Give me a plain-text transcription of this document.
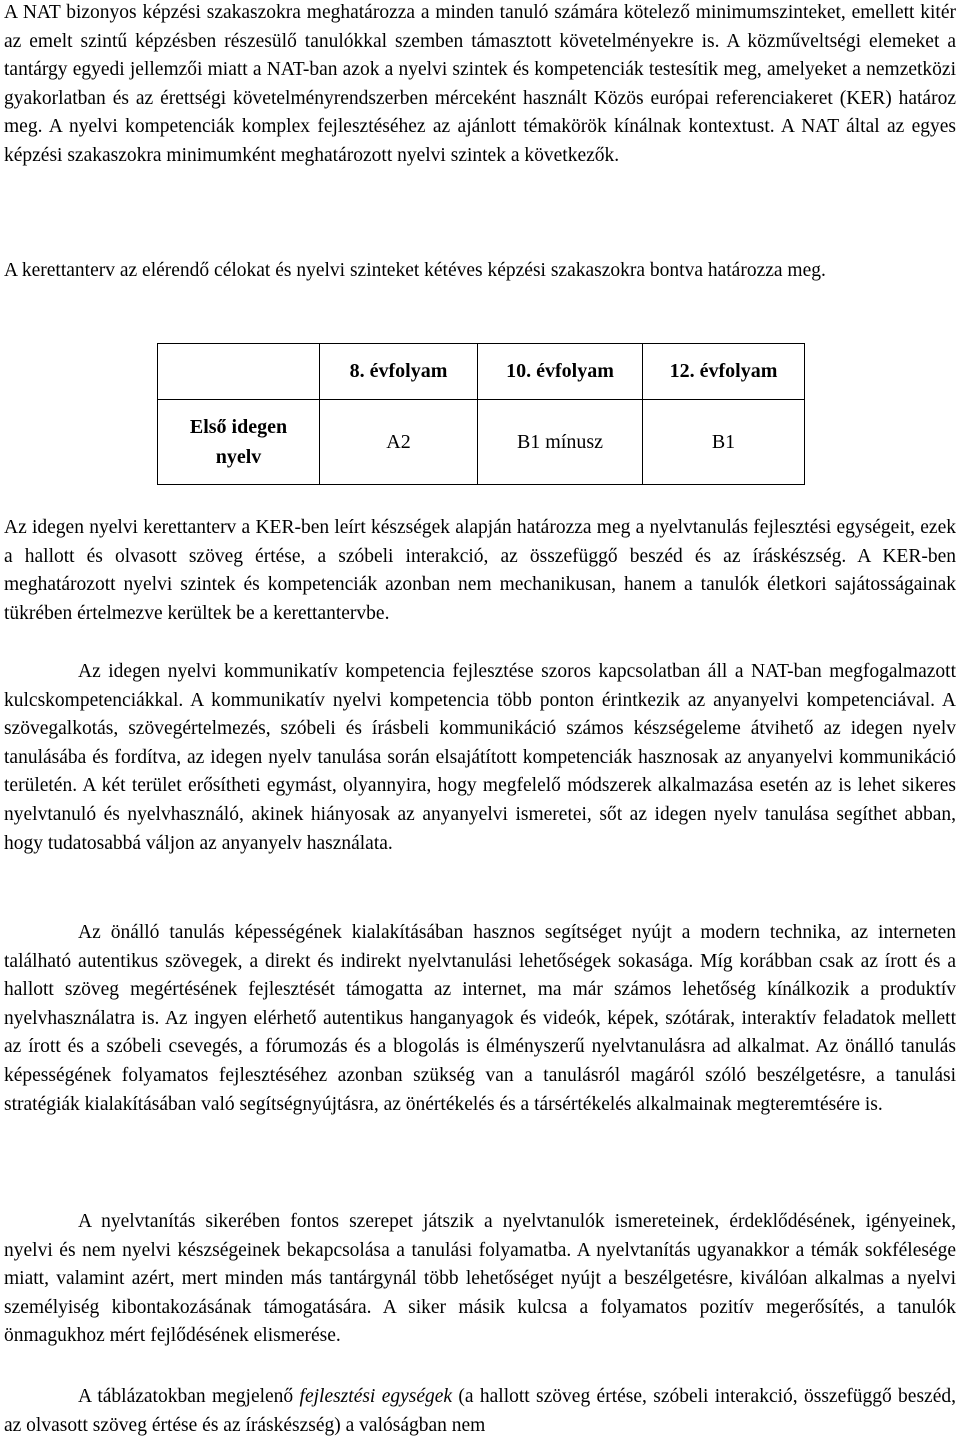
A NAT bizonyos képzési szakaszokra meghatározza a minden tanuló számára kötelező minimumszinteket, emellett kitér az emelt szintű képzésben részesülő tanulókkal szemben támasztott követelményekre is. A közműveltségi elemeket a tantárgy egyedi jellemzői miatt a NAT-ban azok a nyelvi szintek és kompetenciák testesítik meg, amelyeket a nemzetközi gyakorlatban és az érettségi követelményrendszerben mérceként használt Közös európai referenciakeret (KER) határoz meg. A nyelvi kompetenciák komplex fejlesztéséhez az ajánlott témakörök kínálnak kontextust. A NAT által az egyes képzési szakaszokra minimumként meghatározott nyelvi szintek a következők.

A kerettanterv az elérendő célokat és nyelvi szinteket kétéves képzési szakaszokra bontva határozza meg.

	8. évfolyam	10. évfolyam	12. évfolyam
Első idegen
nyelv	A2	B1 mínusz	B1

Az idegen nyelvi kerettanterv a KER-ben leírt készségek alapján határozza meg a nyelvtanulás fejlesztési egységeit, ezek a hallott és olvasott szöveg értése, a szóbeli interakció, az összefüggő beszéd és az íráskészség. A KER-ben meghatározott nyelvi szintek és kompetenciák azonban nem mechanikusan, hanem a tanulók életkori sajátosságainak tükrében értelmezve kerültek be a kerettantervbe.

Az idegen nyelvi kommunikatív kompetencia fejlesztése szoros kapcsolatban áll a NAT-ban megfogalmazott kulcskompetenciákkal. A kommunikatív nyelvi kompetencia több ponton érintkezik az anyanyelvi kompetenciával. A szövegalkotás, szövegértelmezés, szóbeli és írásbeli kommunikáció számos készségeleme átvihető az idegen nyelv tanulásába és fordítva, az idegen nyelv tanulása során elsajátított kompetenciák hasznosak az anyanyelvi kommunikáció területén. A két terület erősítheti egymást, olyannyira, hogy megfelelő módszerek alkalmazása esetén az is lehet sikeres nyelvtanuló és nyelvhasználó, akinek hiányosak az anyanyelvi ismeretei, sőt az idegen nyelv tanulása segíthet abban, hogy tudatosabbá váljon az anyanyelv használata.

Az önálló tanulás képességének kialakításában hasznos segítséget nyújt a modern technika, az interneten található autentikus szövegek, a direkt és indirekt nyelvtanulási lehetőségek sokasága. Míg korábban csak az írott és a hallott szöveg megértésének fejlesztését támogatta az internet, ma már számos lehetőség kínálkozik a produktív nyelvhasználatra is. Az ingyen elérhető autentikus hanganyagok és videók, képek, szótárak, interaktív feladatok mellett az írott és a szóbeli csevegés, a fórumozás és a blogolás is élményszerű nyelvtanulásra ad alkalmat. Az önálló tanulás képességének folyamatos fejlesztéséhez azonban szükség van a tanulásról magáról szóló beszélgetésre, a tanulási stratégiák kialakításában való segítségnyújtásra, az önértékelés és a társértékelés alkalmainak megteremtésére is.

A nyelvtanítás sikerében fontos szerepet játszik a nyelvtanulók ismereteinek, érdeklődésének, igényeinek, nyelvi és nem nyelvi készségeinek bekapcsolása a tanulási folyamatba. A nyelvtanítás ugyanakkor a témák sokfélesége miatt, valamint azért, mert minden más tantárgynál több lehetőséget nyújt a beszélgetésre, kiválóan alkalmas a nyelvi személyiség kibontakozásának támogatására. A siker másik kulcsa a folyamatos pozitív megerősítés, a tanulók önmagukhoz mért fejlődésének elismerése.

A táblázatokban megjelenő fejlesztési egységek (a hallott szöveg értése, szóbeli interakció, összefüggő beszéd, az olvasott szöveg értése és az íráskészség) a valóságban nem
